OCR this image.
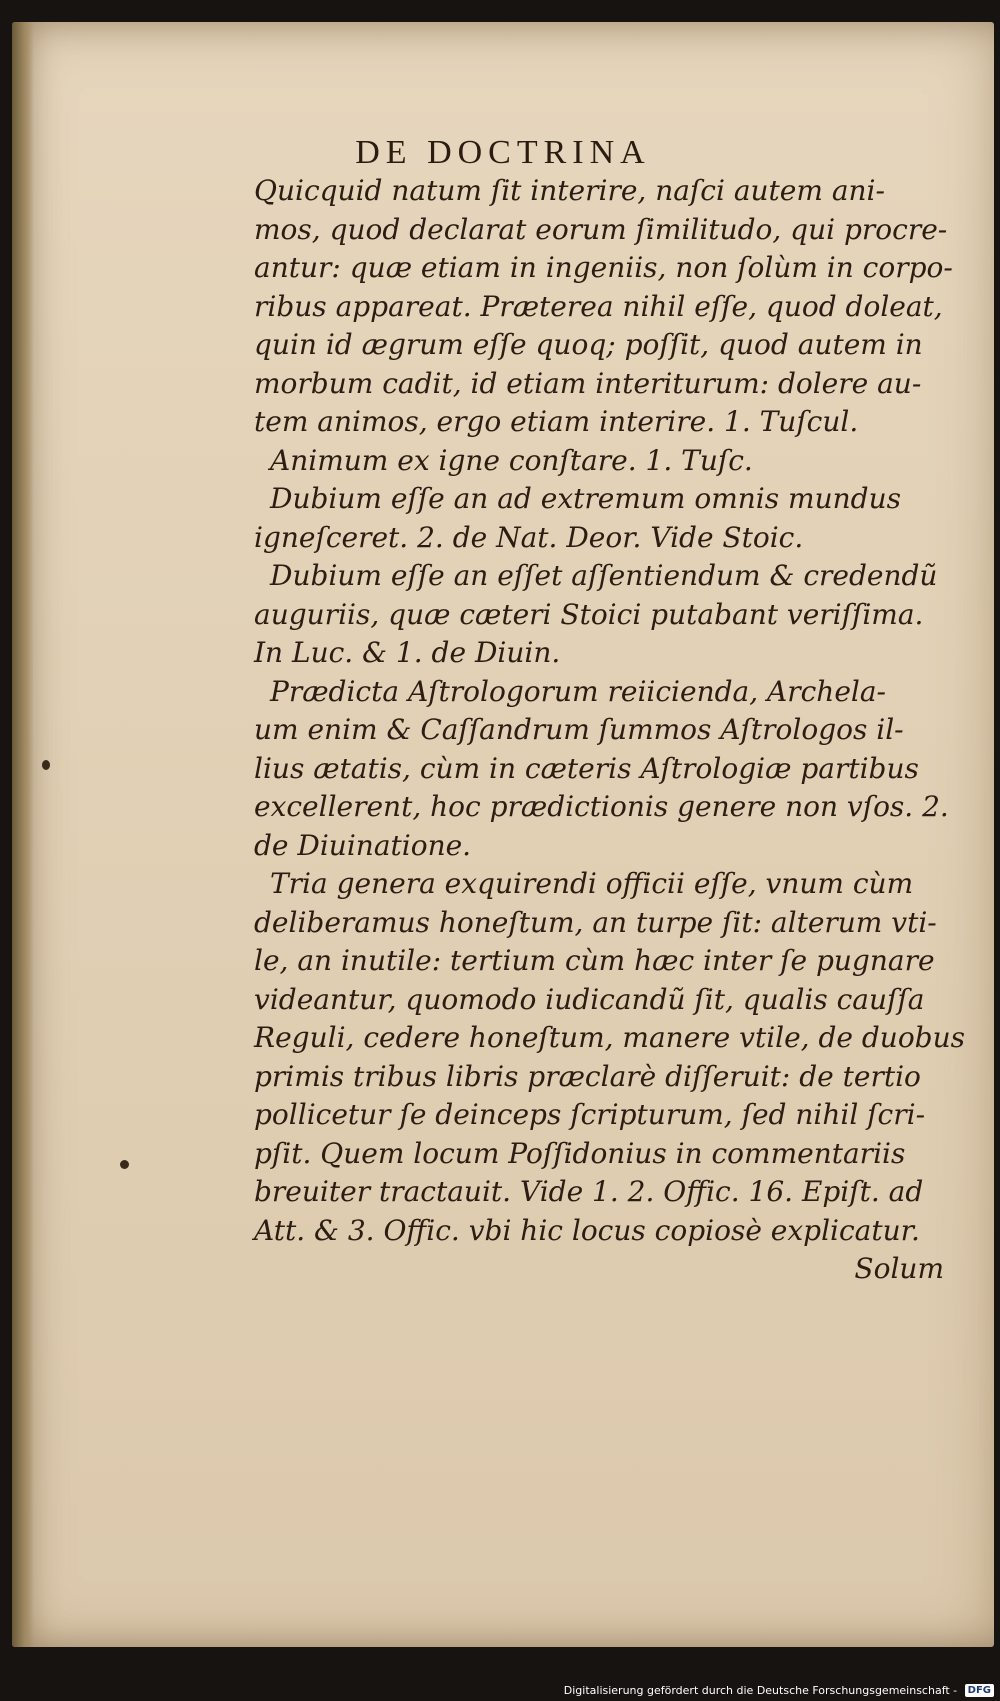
DE DOCTRINA
Quicquid natum ſit interire, naſci autem ani-
mos, quod declarat eorum ſimilitudo, qui procre-
antur: quæ etiam in ingeniis, non ſolùm in corpo-
ribus appareat. Præterea nihil eſſe, quod doleat,
quin id ægrum eſſe quoq; poſſit, quod autem in
morbum cadit, id etiam interiturum: dolere au-
tem animos, ergo etiam interire. 1. Tuſcul.
Animum ex igne conſtare. 1. Tuſc.
Dubium eſſe an ad extremum omnis mundus
igneſceret. 2. de Nat. Deor. Vide Stoic.
Dubium eſſe an eſſet aſſentiendum & credendũ
auguriis, quæ cæteri Stoici putabant veriſſima.
In Luc. & 1. de Diuin.
Prædicta Aſtrologorum reiicienda, Archela-
um enim & Caſſandrum ſummos Aſtrologos il-
lius ætatis, cùm in cæteris Aſtrologiæ partibus
excellerent, hoc prædictionis genere non vſos. 2.
de Diuinatione.
Tria genera exquirendi officii eſſe, vnum cùm
deliberamus honeſtum, an turpe ſit: alterum vti-
le, an inutile: tertium cùm hæc inter ſe pugnare
videantur, quomodo iudicandũ ſit, qualis cauſſa
Reguli, cedere honeſtum, manere vtile, de duobus
primis tribus libris præclarè diſſeruit: de tertio
pollicetur ſe deinceps ſcripturum, ſed nihil ſcri-
pſit. Quem locum Poſſidonius in commentariis
breuiter tractauit. Vide 1. 2. Offic. 16. Epiſt. ad
Att. & 3. Offic. vbi hic locus copiosè explicatur.
Solum
Digitalisierung gefördert durch die Deutsche Forschungsgemeinschaft - DFG
